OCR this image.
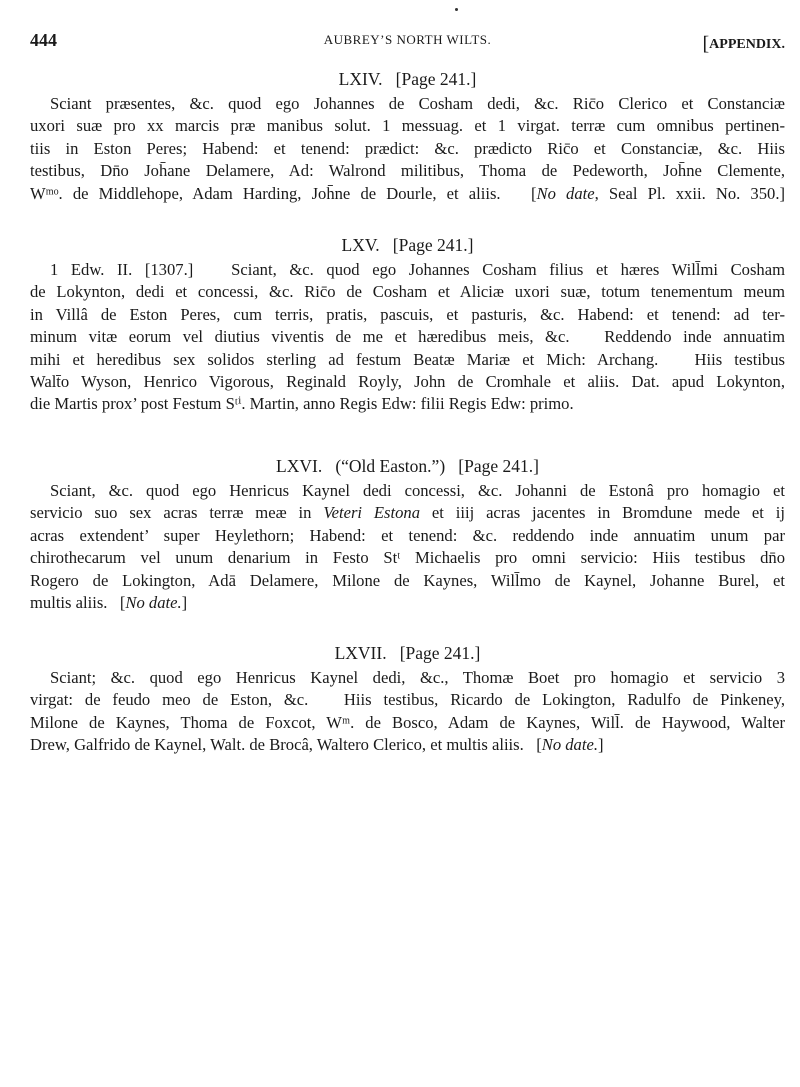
444	AUBREY’S NORTH WILTS.	[APPENDIX.
LXIV.   [Page 241.]
Sciant præsentes, &c. quod ego Johannes de Cosham dedi, &c. Ric̄o Clerico et Constanciæ
uxori suæ pro xx marcis præ manibus solut. 1 messuag. et 1 virgat. terræ cum omnibus pertinen-
tiis in Eston Peres; Habend: et tenend: prædict: &c. prædicto Ric̄o et Constanciæ, &c. Hiis
testibus, Dn̄o Joh̄ane Delamere, Ad: Walrond militibus, Thoma de Pedeworth, Joh̄ne Clemente,
Wᵐᵒ. de Middlehope, Adam Harding, Joh̄ne de Dourle, et aliis.   [No date, Seal Pl. xxii. No. 350.]
LXV.   [Page 241.]
1 Edw. II. [1307.]   Sciant, &c. quod ego Johannes Cosham filius et hæres Will̄mi Cosham
de Lokynton, dedi et concessi, &c. Ric̄o de Cosham et Aliciæ uxori suæ, totum tenementum meum
in Villâ de Eston Peres, cum terris, pratis, pascuis, et pasturis, &c. Habend: et tenend: ad ter-
minum vitæ eorum vel diutius viventis de me et hæredibus meis, &c.   Reddendo inde annuatim
mihi et heredibus sex solidos sterling ad festum Beatæ Mariæ et Mich: Archang.   Hiis testibus
Walt̄o Wyson, Henrico Vigorous, Reginald Royly, John de Cromhale et aliis. Dat. apud Lokynton,
die Martis prox’ post Festum Sᵗⁱ. Martin, anno Regis Edw: filii Regis Edw: primo.
LXVI.   (“Old Easton.”)   [Page 241.]
Sciant, &c. quod ego Henricus Kaynel dedi concessi, &c. Johanni de Estonâ pro homagio et
servicio suo sex acras terræ meæ in Veteri Estona et iiij acras jacentes in Bromdune mede et ij
acras extendent’ super Heylethorn; Habend: et tenend: &c. reddendo inde annuatim unum par
chirothecarum vel unum denarium in Festo Stᵗ Michaelis pro omni servicio: Hiis testibus dn̄o
Rogero de Lokington, Adā Delamere, Milone de Kaynes, Will̄mo de Kaynel, Johanne Burel, et
multis aliis.   [No date.]
LXVII.   [Page 241.]
Sciant; &c. quod ego Henricus Kaynel dedi, &c., Thomæ Boet pro homagio et servicio 3
virgat: de feudo meo de Eston, &c.   Hiis testibus, Ricardo de Lokington, Radulfo de Pinkeney,
Milone de Kaynes, Thoma de Foxcot, Wᵐ. de Bosco, Adam de Kaynes, Will̄. de Haywood, Walter
Drew, Galfrido de Kaynel, Walt. de Brocâ, Waltero Clerico, et multis aliis.   [No date.]
